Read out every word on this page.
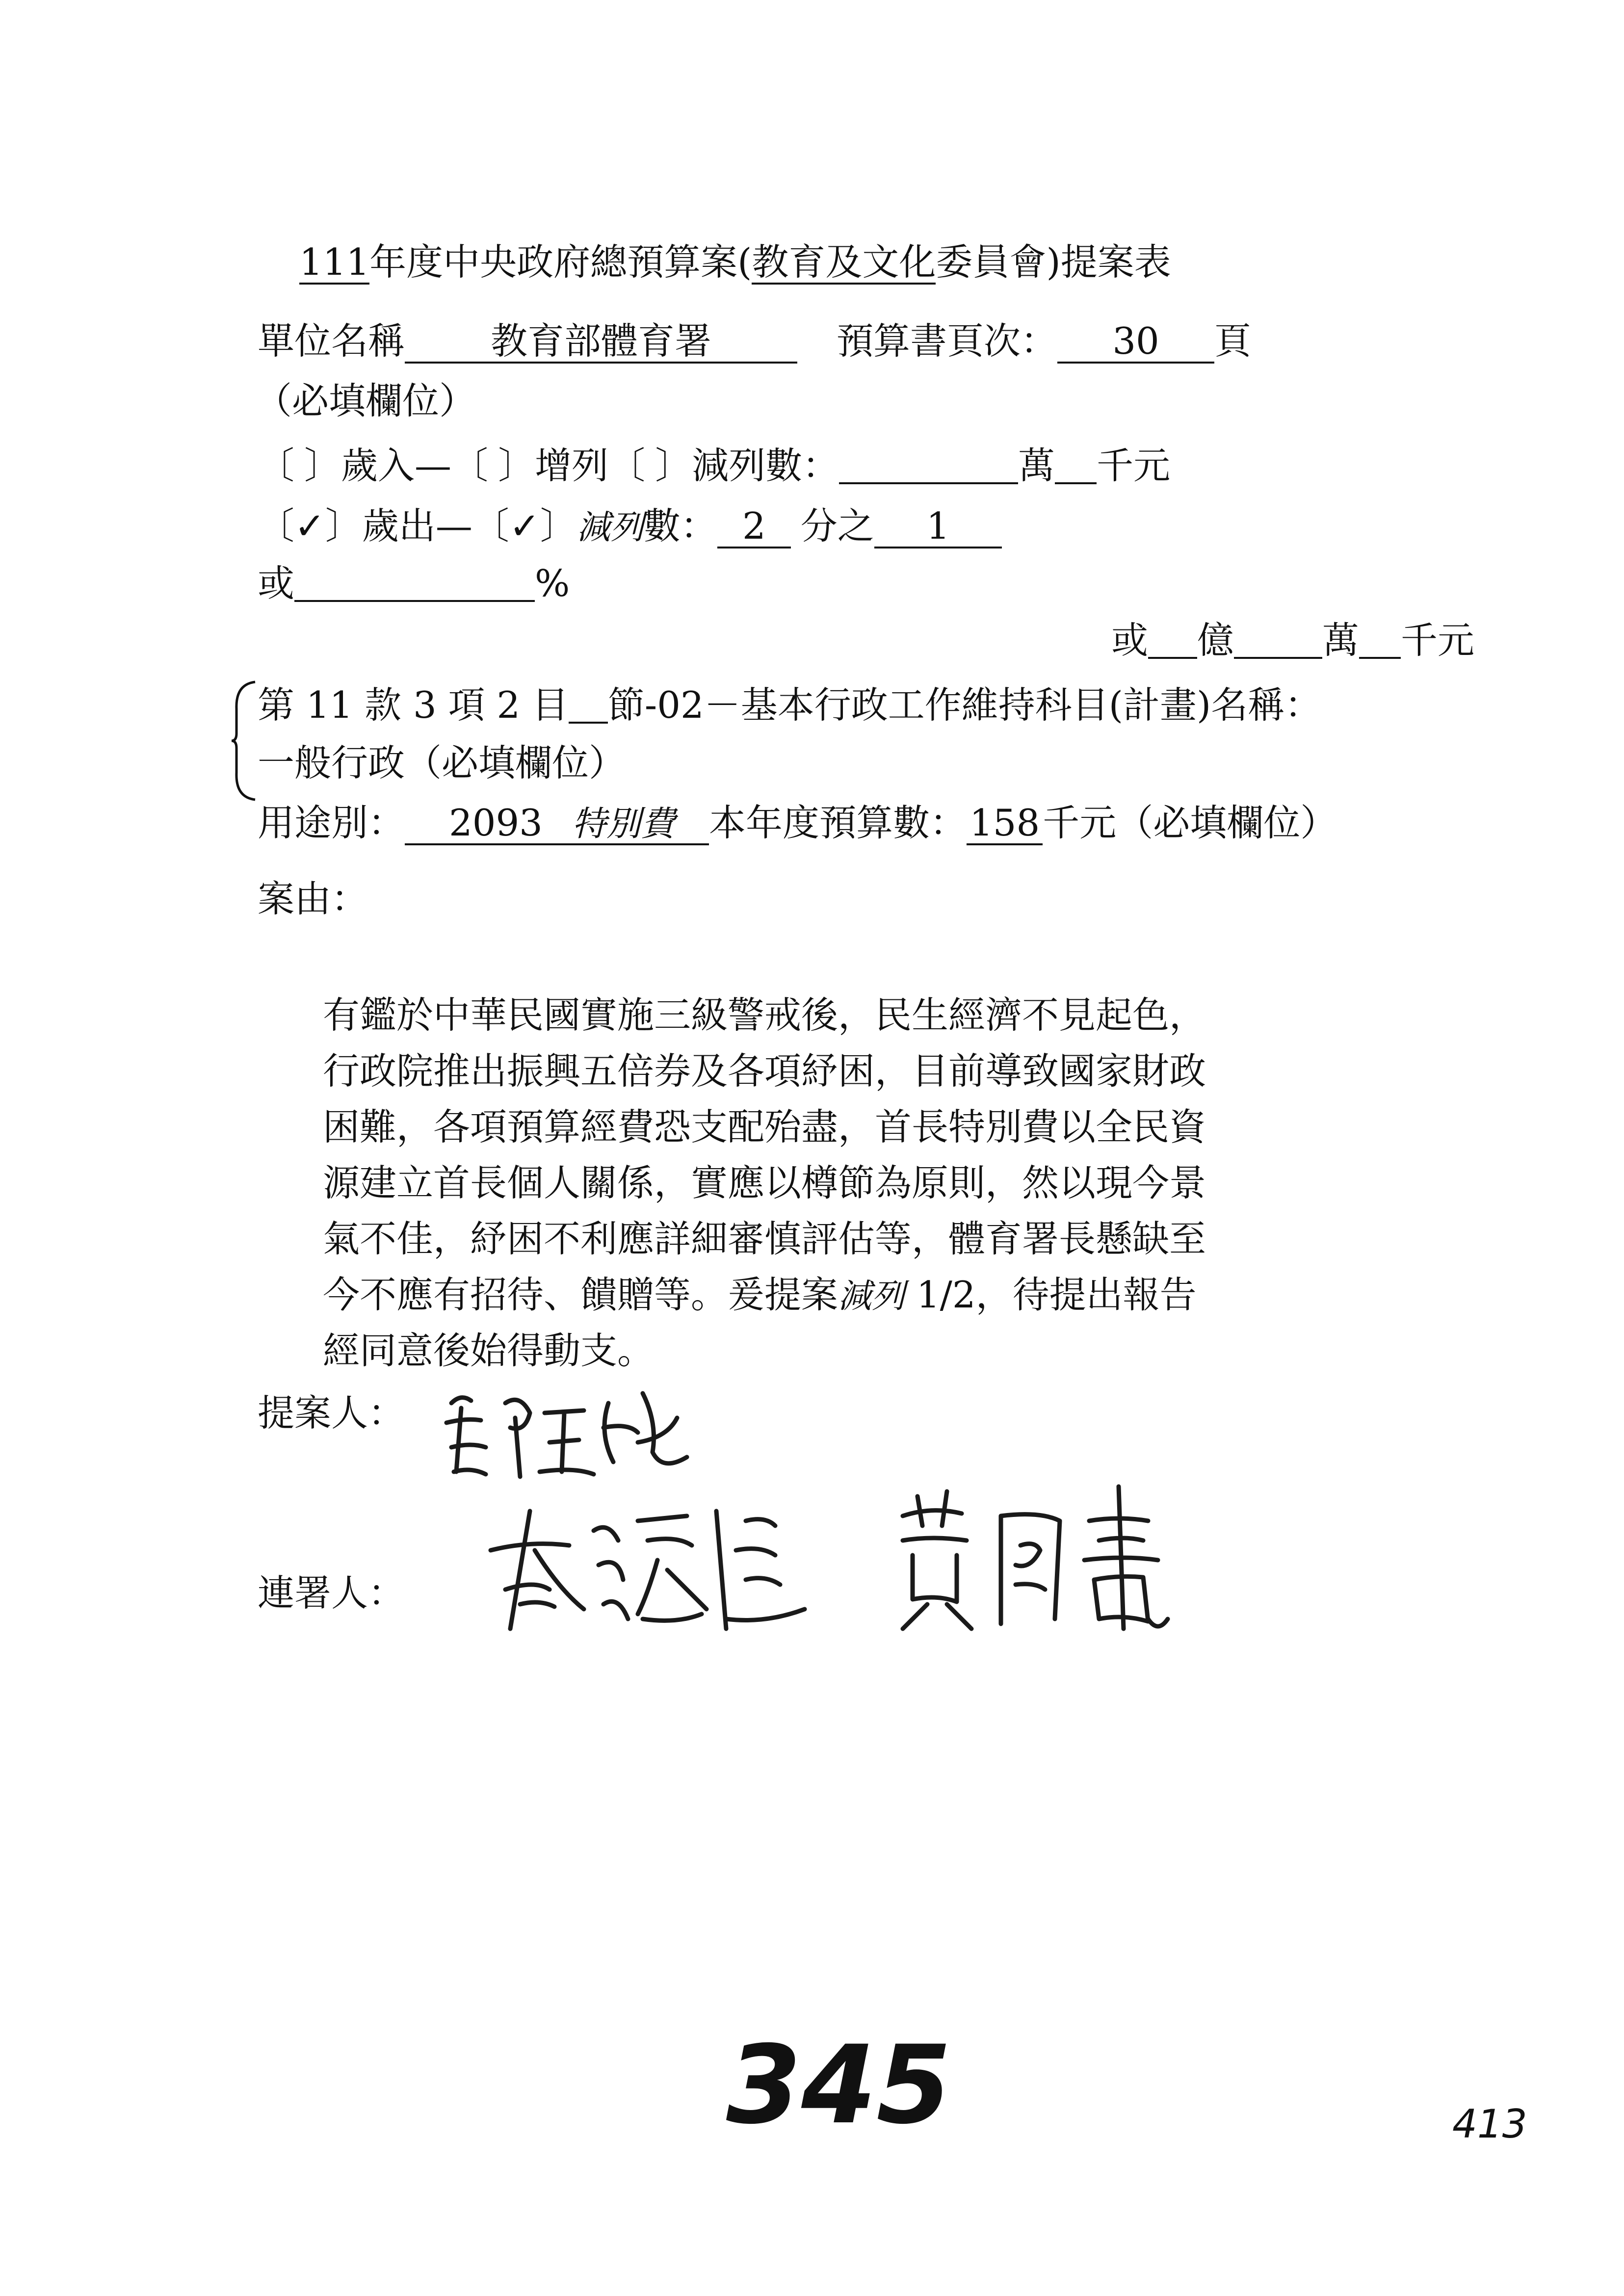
111年度中央政府總預算案(教育及文化委員會)提案表
單位名稱 教育部體育署	預算書頁次： 30 頁
（必填欄位）
〔 〕歲入—〔 〕增列〔 〕減列數：	萬 千元
〔✓〕歲出—〔✓〕減列數： 2 分之 1
或	%
或 億 萬 千元
第 11 款 3 項 2 目 節-02－基本行政工作維持科目(計畫)名稱：
一般行政（必填欄位）
用途別： 2093 特別費 本年度預算數：158千元（必填欄位）
案由：
有鑑於中華民國實施三級警戒後，民生經濟不見起色，
行政院推出振興五倍券及各項紓困，目前導致國家財政
困難，各項預算經費恐支配殆盡，首長特別費以全民資
源建立首長個人關係，實應以樽節為原則，然以現今景
氣不佳，紓困不利應詳細審慎評估等，體育署長懸缺至
今不應有招待、饋贈等。爰提案減列 1/2，待提出報告
經同意後始得動支。
提案人：
連署人：
345	413
